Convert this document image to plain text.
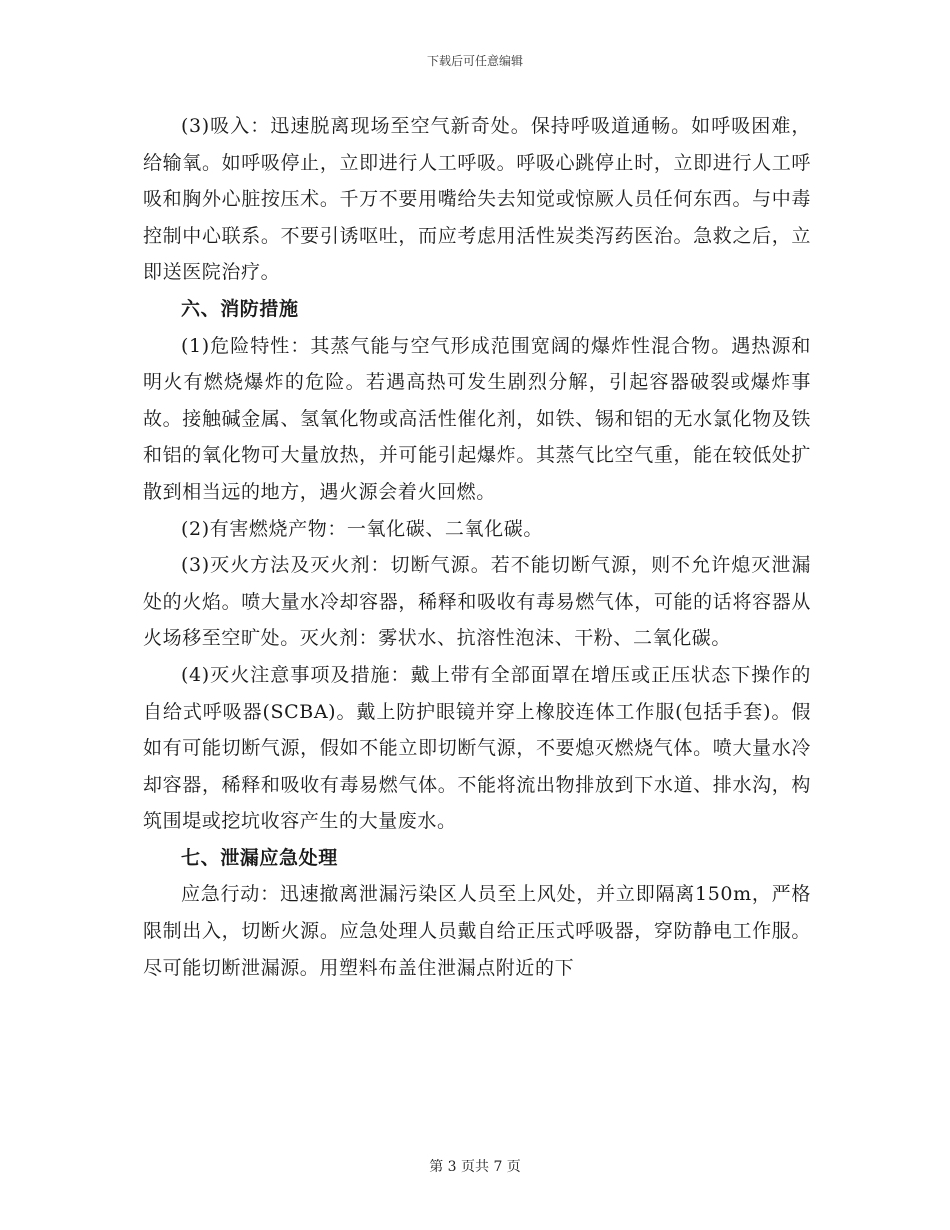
下载后可任意编辑

(3)吸入：迅速脱离现场至空气新奇处。保持呼吸道通畅。如呼吸困难，给输氧。如呼吸停止，立即进行人工呼吸。呼吸心跳停止时，立即进行人工呼吸和胸外心脏按压术。千万不要用嘴给失去知觉或惊厥人员任何东西。与中毒控制中心联系。不要引诱呕吐，而应考虑用活性炭类泻药医治。急救之后，立即送医院治疗。

六、消防措施

(1)危险特性：其蒸气能与空气形成范围宽阔的爆炸性混合物。遇热源和明火有燃烧爆炸的危险。若遇高热可发生剧烈分解，引起容器破裂或爆炸事故。接触碱金属、氢氧化物或高活性催化剂，如铁、锡和铝的无水氯化物及铁和铝的氧化物可大量放热，并可能引起爆炸。其蒸气比空气重，能在较低处扩散到相当远的地方，遇火源会着火回燃。

(2)有害燃烧产物：一氧化碳、二氧化碳。

(3)灭火方法及灭火剂：切断气源。若不能切断气源，则不允许熄灭泄漏处的火焰。喷大量水冷却容器，稀释和吸收有毒易燃气体，可能的话将容器从火场移至空旷处。灭火剂：雾状水、抗溶性泡沫、干粉、二氧化碳。

(4)灭火注意事项及措施：戴上带有全部面罩在增压或正压状态下操作的自给式呼吸器(SCBA)。戴上防护眼镜并穿上橡胶连体工作服(包括手套)。假如有可能切断气源，假如不能立即切断气源，不要熄灭燃烧气体。喷大量水冷却容器，稀释和吸收有毒易燃气体。不能将流出物排放到下水道、排水沟，构筑围堤或挖坑收容产生的大量废水。

七、泄漏应急处理

应急行动：迅速撤离泄漏污染区人员至上风处，并立即隔离150m，严格限制出入，切断火源。应急处理人员戴自给正压式呼吸器，穿防静电工作服。尽可能切断泄漏源。用塑料布盖住泄漏点附近的下

第 3 页共 7 页
